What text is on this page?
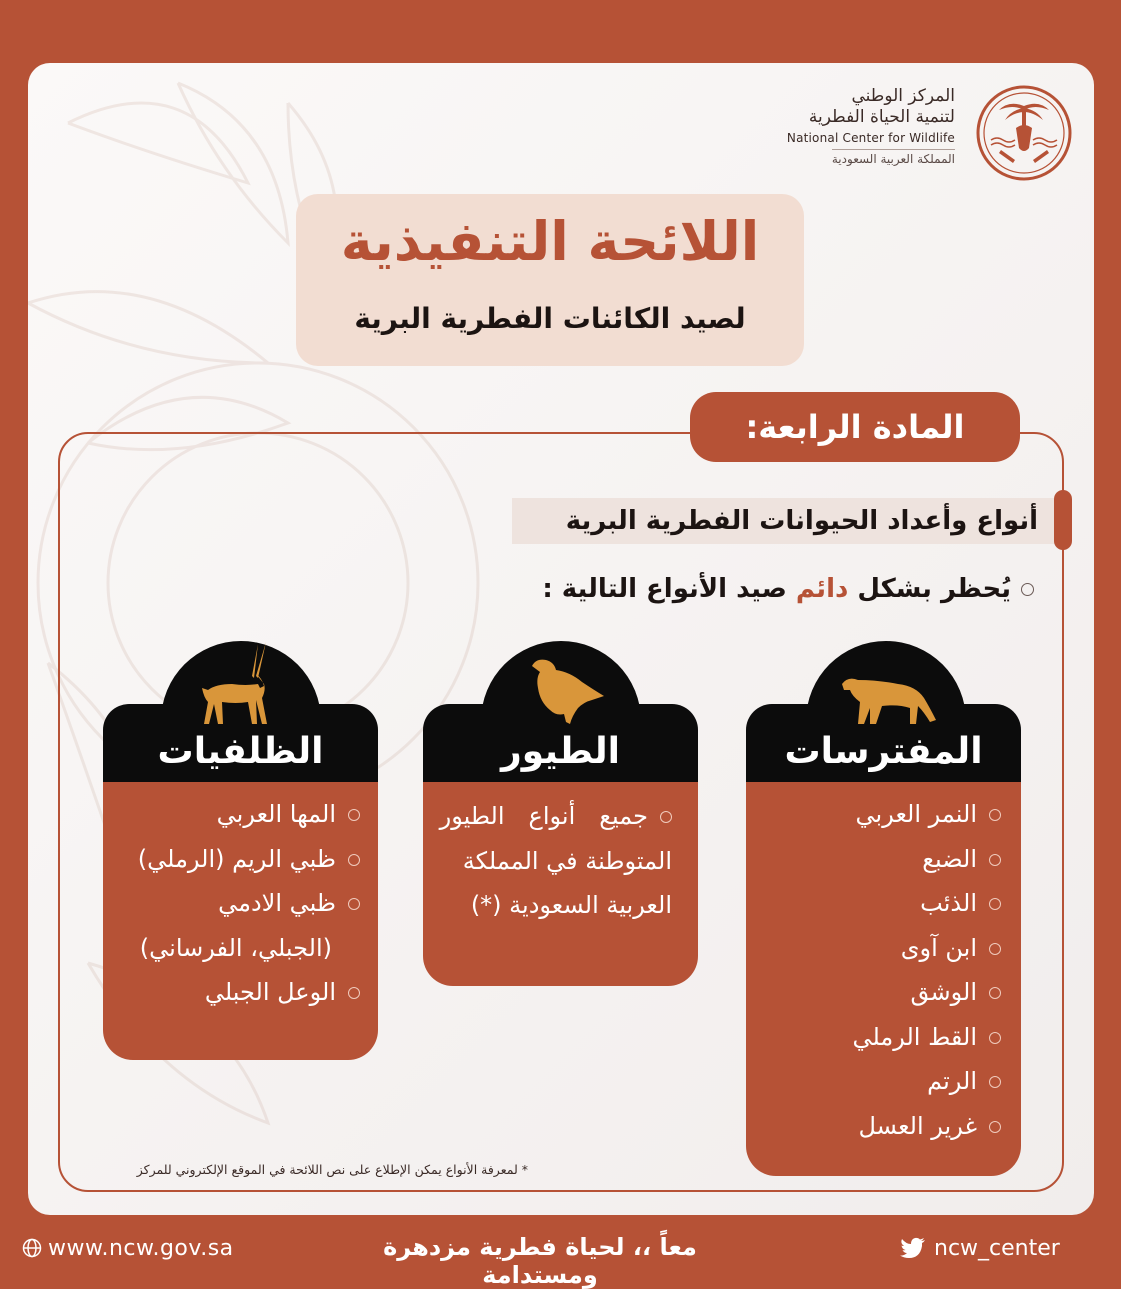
المركز الوطني
لتنمية الحياة الفطرية
National Center for Wildlife
المملكة العربية السعودية
اللائحة التنفيذية
لصيد الكائنات الفطرية البرية
المادة الرابعة:
أنواع وأعداد الحيوانات الفطرية البرية
يُحظر بشكل دائم صيد الأنواع التالية :
المفترسات
النمر العربي
الضبع
الذئب
ابن آوى
الوشق
القط الرملي
الرتم
غرير العسل
الطيور
جميعأنواعالطيور
المتوطنة في المملكة
العربية السعودية (*)
الظلفيات
المها العربي
ظبي الريم (الرملي)
ظبي الادمي
(الجبلي، الفرساني)
الوعل الجبلي
* لمعرفة الأنواع يمكن الإطلاع على نص اللائحة في الموقع الإلكتروني للمركز
www.ncw.gov.sa	معاً ،، لحياة فطرية مزدهرة ومستدامة
ncw_center
